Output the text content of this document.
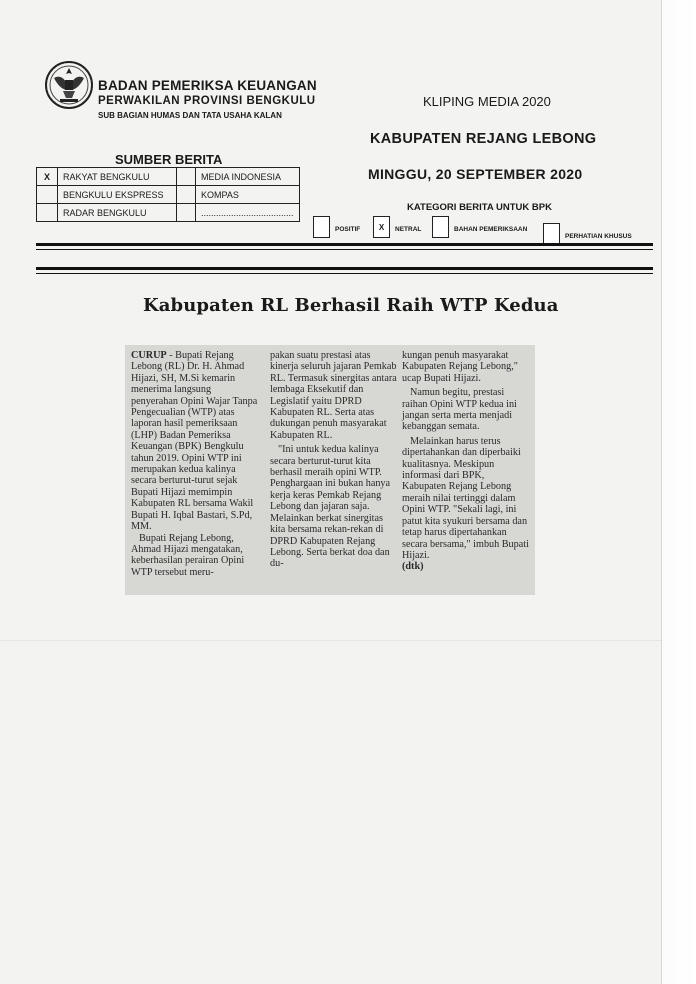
BADAN PEMERIKSA KEUANGAN
PERWAKILAN PROVINSI BENGKULU
SUB BAGIAN HUMAS DAN TATA USAHA KALAN
KLIPING MEDIA 2020
KABUPATEN REJANG LEBONG
MINGGU, 20 SEPTEMBER 2020
SUMBER BERITA
X	RAKYAT BENGKULU		MEDIA INDONESIA
	BENGKULU EKSPRESS		KOMPAS
	RADAR BENGKULU		.....................................	KATEGORI BERITA UNTUK BPK
POSITIF	X	NETRAL	BAHAN PEMERIKSAAN
PERHATIAN KHUSUS
Kabupaten RL Berhasil Raih WTP Kedua

CURUP - Bupati Rejang Lebong (RL) Dr. H. Ahmad Hijazi, SH, M.Si kemarin menerima langsung penyerahan Opini Wajar Tanpa Pengecualian (WTP) atas laporan hasil pemeriksaan (LHP) Badan Pemeriksa Keuangan (BPK) Bengkulu tahun 2019. Opini WTP ini merupakan kedua kalinya secara berturut-turut sejak Bupati Hijazi memimpin Kabupaten RL bersama Wakil Bupati H. Iqbal Bastari, S.Pd, MM.

Bupati Rejang Lebong, Ahmad Hijazi mengatakan, keberhasilan perairan Opini WTP tersebut meru-

pakan suatu prestasi atas kinerja seluruh jajaran Pemkab RL. Termasuk sinergitas antara lembaga Eksekutif dan Legislatif yaitu DPRD Kabupaten RL. Serta atas dukungan penuh masyarakat Kabupaten RL.

"Ini untuk kedua kalinya secara berturut-turut kita berhasil meraih opini WTP. Penghargaan ini bukan hanya kerja keras Pemkab Rejang Lebong dan jajaran saja. Melainkan berkat sinergitas kita bersama rekan-rekan di DPRD Kabupaten Rejang Lebong. Serta berkat doa dan du-

kungan penuh masyarakat Kabupaten Rejang Lebong," ucap Bupati Hijazi.

Namun begitu, prestasi raihan Opini WTP kedua ini jangan serta merta menjadi kebanggan semata.

Melainkan harus terus dipertahankan dan diperbaiki kualitasnya. Meskipun informasi dari BPK, Kabupaten Rejang Lebong meraih nilai tertinggi dalam Opini WTP. "Sekali lagi, ini patut kita syukuri bersama dan tetap harus dipertahankan secara bersama," imbuh Bupati Hijazi.

(dtk)
